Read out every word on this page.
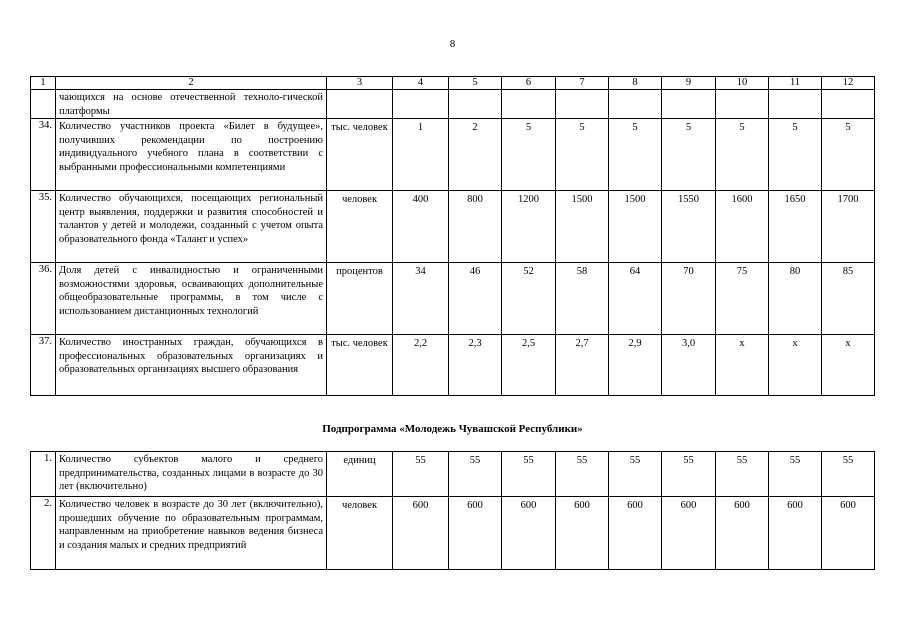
8
1	2	3	4	5	6	7	8	9	10	11	12
	чающихся на основе отечественной техноло-гической платформы										
34.	Количество участников проекта «Билет в будущее», получивших рекомендации по построению индивидуального учебного плана в соответствии с выбранными профессиональными компетенциями	тыс. человек	1	2	5	5	5	5	5	5	5
35.	Количество обучающихся, посещающих региональный центр выявления, поддержки и развития способностей и талантов у детей и молодежи, созданный с учетом опыта образовательного фонда «Талант и успех»	человек	400	800	1200	1500	1500	1550	1600	1650	1700
36.	Доля детей с инвалидностью и ограниченными возможностями здоровья, осваивающих дополнительные общеобразовательные программы, в том числе с использованием дистанционных технологий	процентов	34	46	52	58	64	70	75	80	85
37.	Количество иностранных граждан, обучающихся в профессиональных образовательных организациях и образовательных организациях высшего образования	тыс. человек	2,2	2,3	2,5	2,7	2,9	3,0	х	х	х
Подпрограмма «Молодежь Чувашской Республики»
1.	Количество субъектов малого и среднего предпринимательства, созданных лицами в возрасте до 30 лет (включительно)	единиц	55	55	55	55	55	55	55	55	55
2.	Количество человек в возрасте до 30 лет (включительно), прошедших обучение по образовательным программам, направленным на приобретение навыков ведения бизнеса и создания малых и средних предприятий	человек	600	600	600	600	600	600	600	600	600
